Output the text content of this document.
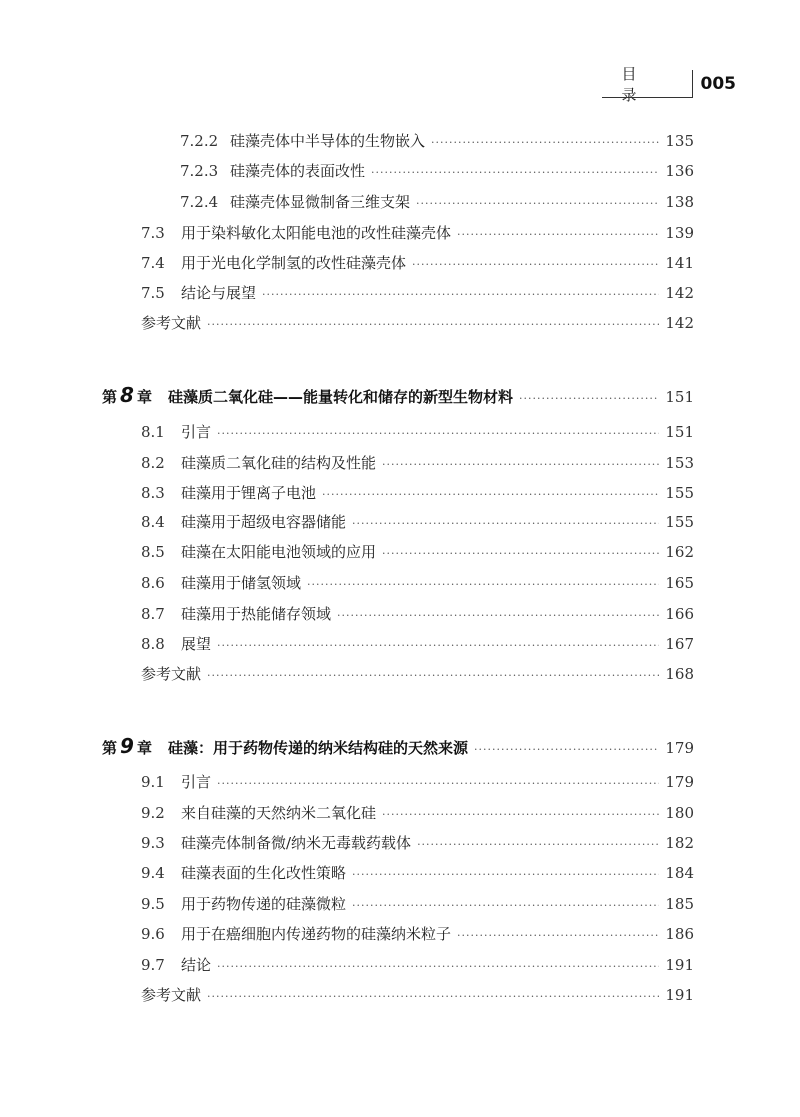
目 录
005
7.2.2 硅藻壳体中半导体的生物嵌入 ·····	135
7.2.3 硅藻壳体的表面改性 ·····	136
7.2.4 硅藻壳体显微制备三维支架 ·····	138
7.3	用于染料敏化太阳能电池的改性硅藻壳体 ·····	139
7.4	用于光电化学制氢的改性硅藻壳体 ·····	141
7.5	结论与展望 ·····	142
参考文献 ·····	142
第 8 章 硅藻质二氧化硅——能量转化和储存的新型生物材料 ·····	151
8.1	引言 ·····	151
8.2	硅藻质二氧化硅的结构及性能 ·····	153
8.3	硅藻用于锂离子电池 ·····	155
8.4	硅藻用于超级电容器储能 ·····	155
8.5	硅藻在太阳能电池领域的应用 ·····	162
8.6	硅藻用于储氢领域 ·····	165
8.7	硅藻用于热能储存领域 ·····	166
8.8	展望 ·····	167
参考文献 ·····	168
第 9 章 硅藻：用于药物传递的纳米结构硅的天然来源 ·····	179
9.1	引言 ·····	179
9.2	来自硅藻的天然纳米二氧化硅 ·····	180
9.3	硅藻壳体制备微/纳米无毒载药载体 ·····	182
9.4	硅藻表面的生化改性策略 ·····	184
9.5	用于药物传递的硅藻微粒 ·····	185
9.6	用于在癌细胞内传递药物的硅藻纳米粒子 ·····	186
9.7	结论 ·····	191
参考文献 ·····	191
